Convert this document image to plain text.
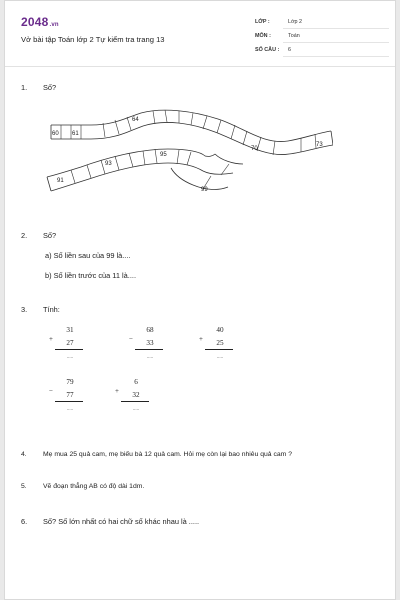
2048.vn
Vở bài tập Toán lớp 2 Tự kiểm tra trang 13
LỚP :	Lớp 2
MÔN :	Toán
SỐ CÂU : 6
1.	Số?
60 61
64
70
73
91
93
95
99
2.	Số?
a) Số liền sau của 99 là....
b) Số liền trước của 11 là....
3.	Tính:
31
+	27
.....
68
−	33
.....
40
+	25
.....
79
−	77
.....
6
+	32
.....
4.	Mẹ mua 25 quả cam, mẹ biếu bà 12 quả cam. Hỏi mẹ còn lại bao nhiêu quả cam ?
5.	Vẽ đoạn thẳng AB có độ dài 1dm.
6.	Số? Số lớn nhất có hai chữ số khác nhau là .....
